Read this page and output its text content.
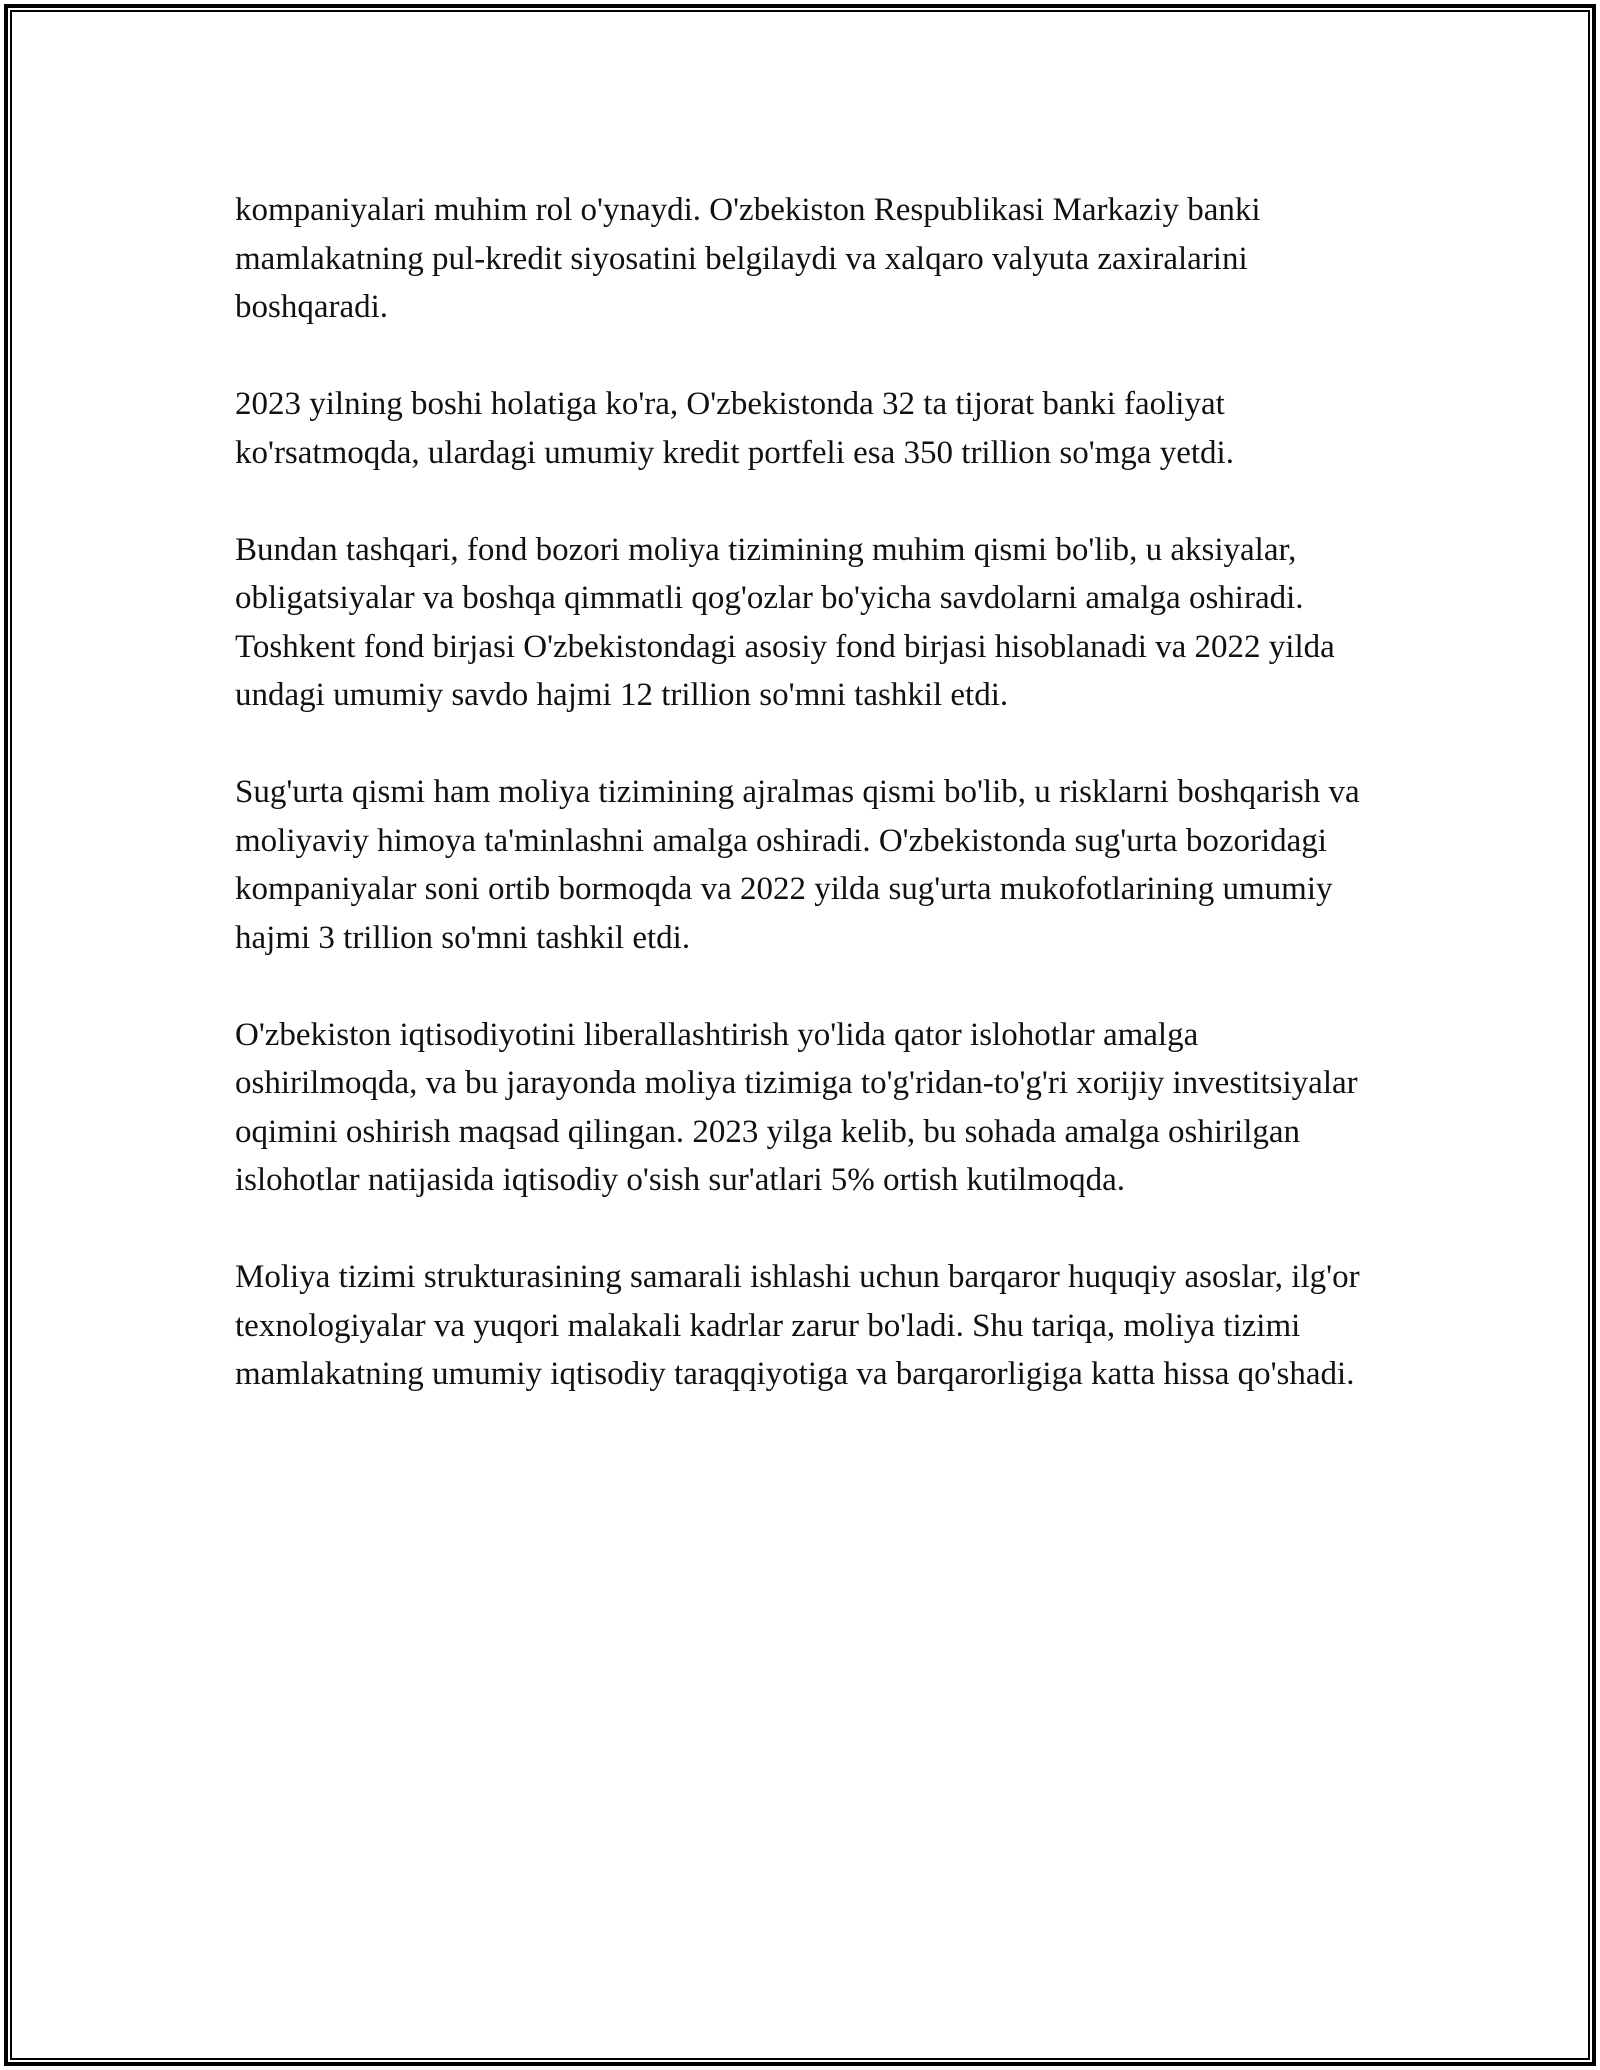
kompaniyalari muhim rol o'ynaydi. O'zbekiston Respublikasi Markaziy banki mamlakatning pul-kredit siyosatini belgilaydi va xalqaro valyuta zaxiralarini boshqaradi.

2023 yilning boshi holatiga ko'ra, O'zbekistonda 32 ta tijorat banki faoliyat ko'rsatmoqda, ulardagi umumiy kredit portfeli esa 350 trillion so'mga yetdi.

Bundan tashqari, fond bozori moliya tizimining muhim qismi bo'lib, u aksiyalar, obligatsiyalar va boshqa qimmatli qog'ozlar bo'yicha savdolarni amalga oshiradi. Toshkent fond birjasi O'zbekistondagi asosiy fond birjasi hisoblanadi va 2022 yilda undagi umumiy savdo hajmi 12 trillion so'mni tashkil etdi.

Sug'urta qismi ham moliya tizimining ajralmas qismi bo'lib, u risklarni boshqarish va moliyaviy himoya ta'minlashni amalga oshiradi. O'zbekistonda sug'urta bozoridagi kompaniyalar soni ortib bormoqda va 2022 yilda sug'urta mukofotlarining umumiy hajmi 3 trillion so'mni tashkil etdi.

O'zbekiston iqtisodiyotini liberallashtirish yo'lida qator islohotlar amalga oshirilmoqda, va bu jarayonda moliya tizimiga to'g'ridan-to'g'ri xorijiy investitsiyalar oqimini oshirish maqsad qilingan. 2023 yilga kelib, bu sohada amalga oshirilgan islohotlar natijasida iqtisodiy o'sish sur'atlari 5% ortish kutilmoqda.

Moliya tizimi strukturasining samarali ishlashi uchun barqaror huquqiy asoslar, ilg'or texnologiyalar va yuqori malakali kadrlar zarur bo'ladi. Shu tariqa, moliya tizimi mamlakatning umumiy iqtisodiy taraqqiyotiga va barqarorligiga katta hissa qo'shadi.
